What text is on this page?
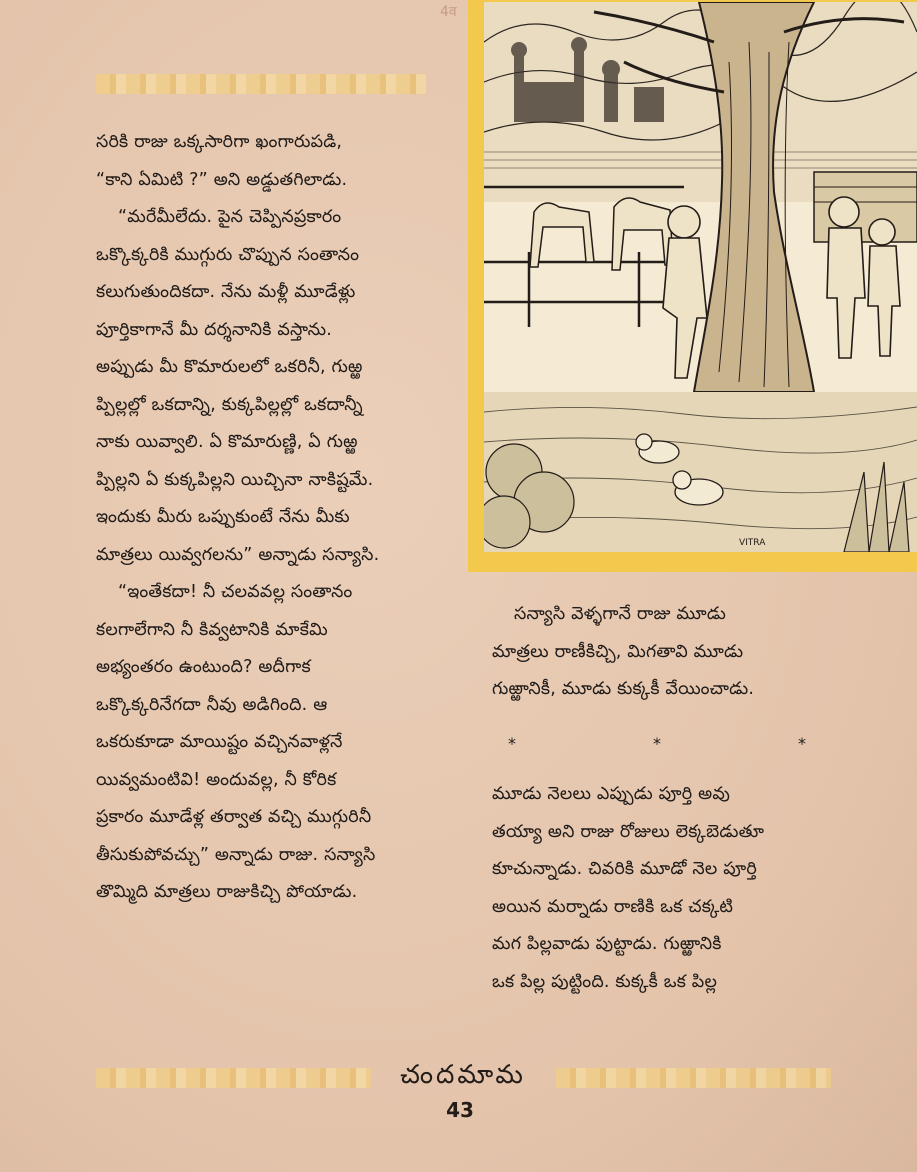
4व
VITRA
సరికి రాజు ఒక్కసారిగా ఖంగారుపడి,
“కాని ఏమిటి ?” అని అడ్డుతగిలాడు.
“మరేమీలేదు. పైన చెప్పినప్రకారం
ఒక్కొక్కరికి ముగ్గురు చొప్పున సంతానం
కలుగుతుందికదా. నేను మళ్లీ మూడేళ్లు
పూర్తికాగానే మీ దర్శనానికి వస్తాను.
అప్పుడు మీ కొమారులలో ఒకరినీ, గుఱ్ఱ
ప్పిల్లల్లో ఒకదాన్ని, కుక్కపిల్లల్లో ఒకదాన్నీ
నాకు యివ్వాలి. ఏ కొమారుణ్ణి, ఏ గుఱ్ఱ
ప్పిల్లని ఏ కుక్కపిల్లని యిచ్చినా నాకిష్టమే.
ఇందుకు మీరు ఒప్పుకుంటే నేను మీకు
మాత్రలు యివ్వగలను” అన్నాడు సన్యాసి.
“ఇంతేకదా! నీ చలవవల్ల సంతానం
కలగాలేగాని నీ కివ్వటానికి మాకేమి
అభ్యంతరం ఉంటుంది? అదీగాక
ఒక్కొక్కరినేగదా నీవు అడిగింది. ఆ
ఒకరుకూడా మాయిష్టం వచ్చినవాళ్లనే
యివ్వమంటివి! అందువల్ల, నీ కోరిక
ప్రకారం మూడేళ్ల తర్వాత వచ్చి ముగ్గురినీ
తీసుకుపోవచ్చు” అన్నాడు రాజు. సన్యాసి
తొమ్మిది మాత్రలు రాజుకిచ్చి పోయాడు.
సన్యాసి వెళ్ళగానే రాజు మూడు
మాత్రలు రాణీకిచ్చి, మిగతావి మూడు
గుఱ్ఱానికీ, మూడు కుక్కకీ వేయించాడు.
*	*	*
మూడు నెలలు ఎప్పుడు పూర్తి అవు
తయ్యా అని రాజు రోజులు లెక్కబెడుతూ
కూచున్నాడు. చివరికి మూడో నెల పూర్తి
అయిన మర్నాడు రాణికి ఒక చక్కటి
మగ పిల్లవాడు పుట్టాడు. గుఱ్ఱానికి
ఒక పిల్ల పుట్టింది. కుక్కకీ ఒక పిల్ల
చందమామ
43
